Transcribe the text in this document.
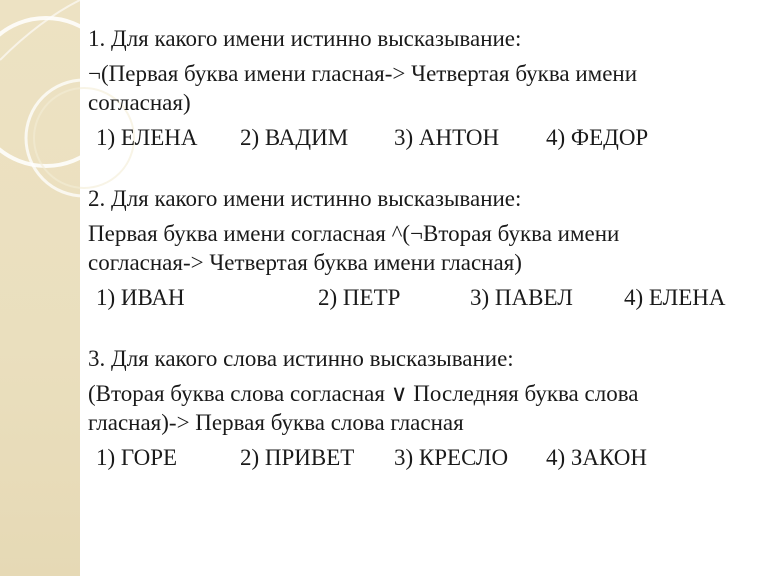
1. Для какого имени истинно высказывание:

¬(Первая буква имени гласная-> Четвертая буква имени

согласная)

1) ЕЛЕНА 2) ВАДИМ 3) АНТОН 4) ФЕДОР

2. Для какого имени истинно высказывание:

Первая буква имени согласная ^(¬Вторая буква имени

согласная-> Четвертая буква имени гласная)

1) ИВАН	2) ПЕТР	3) ПАВЕЛ 4) ЕЛЕНА

3. Для какого слова истинно высказывание:

(Вторая буква слова согласная ∨ Последняя буква слова

гласная)-> Первая буква слова гласная

1) ГОРЕ	2) ПРИВЕТ 3) КРЕСЛО 4) ЗАКОН
